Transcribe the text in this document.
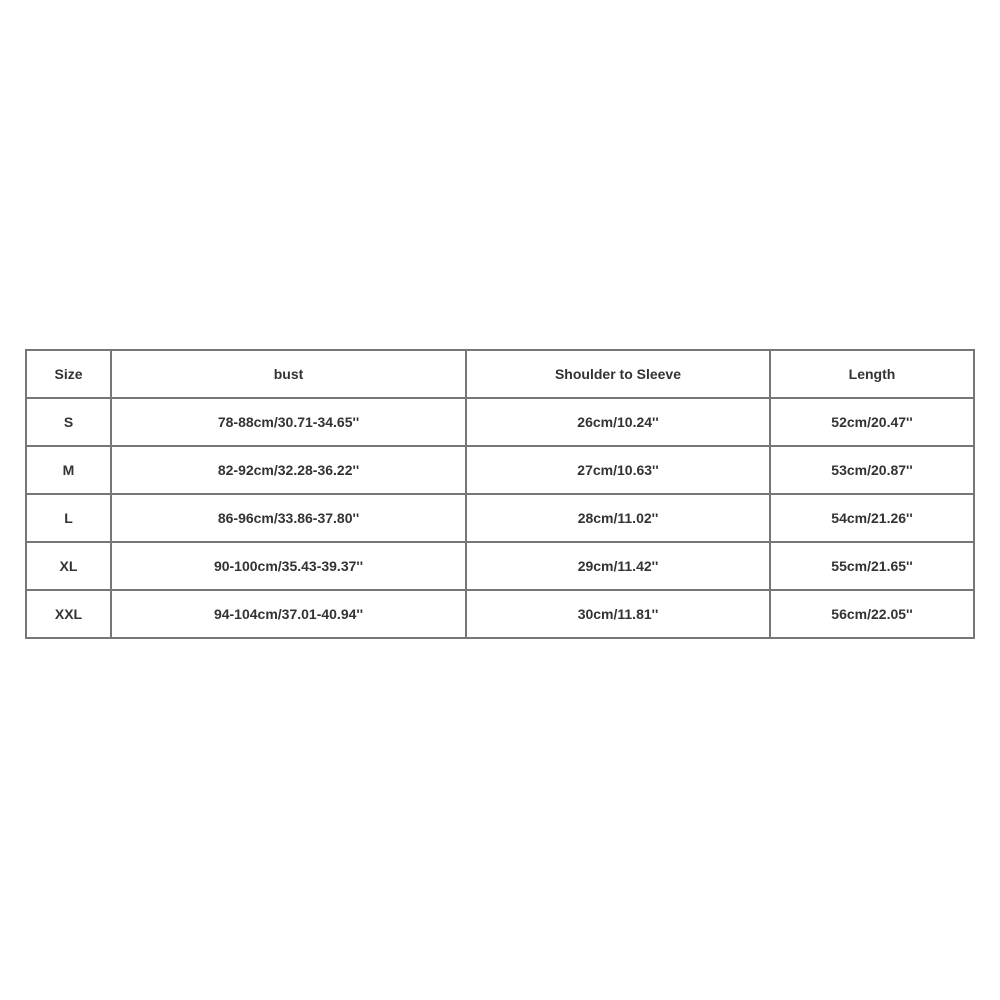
Size	bust	Shoulder to Sleeve	Length
S	78-88cm/30.71-34.65''	26cm/10.24''	52cm/20.47''
M	82-92cm/32.28-36.22''	27cm/10.63''	53cm/20.87''
L	86-96cm/33.86-37.80''	28cm/11.02''	54cm/21.26''
XL	90-100cm/35.43-39.37''	29cm/11.42''	55cm/21.65''
XXL	94-104cm/37.01-40.94''	30cm/11.81''	56cm/22.05''
